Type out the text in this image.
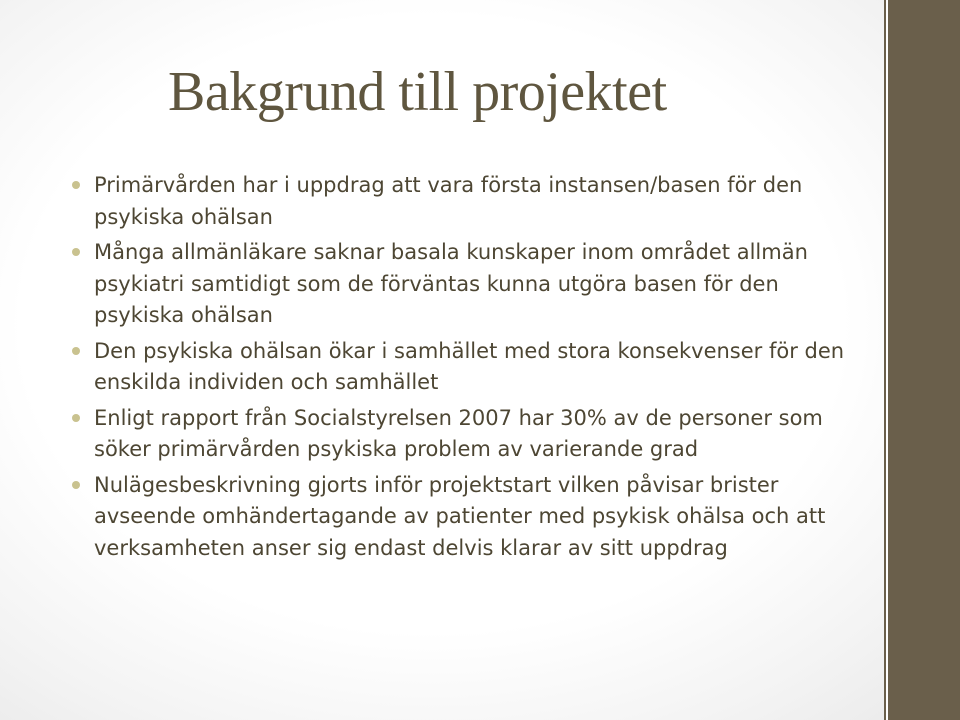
Bakgrund till projektet
Primärvården har i uppdrag att vara första instansen/basen för den psykiska ohälsan
Många allmänläkare saknar basala kunskaper inom området allmän psykiatri samtidigt som de förväntas kunna utgöra basen för den psykiska ohälsan
Den psykiska ohälsan ökar i samhället med stora konsekvenser för den enskilda individen och samhället
Enligt rapport från Socialstyrelsen 2007 har 30% av de personer som söker primärvården psykiska problem av varierande grad
Nulägesbeskrivning gjorts inför projektstart vilken påvisar brister avseende omhändertagande av patienter med psykisk ohälsa och att verksamheten anser sig endast delvis klarar av sitt uppdrag
